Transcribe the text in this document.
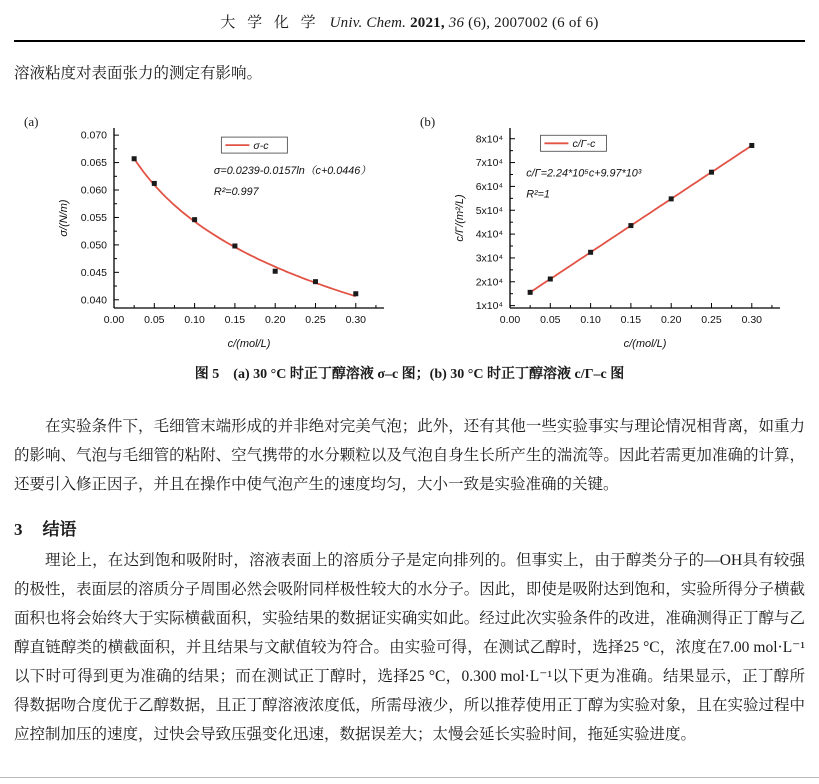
大 学 化 学 Univ. Chem. 2021, 36 (6), 2007002 (6 of 6)

溶液粘度对表面张力的测定有影响。

(a)
0.00 0.05 0.10 0.15 0.20 0.25 0.30
0.040
0.045
0.050
0.055
0.060
0.065
0.070
σ-c
σ=0.0239-0.0157ln（c+0.0446）
R²=0.997
c/(mol/L)
σ/(N/m)
(b)
0.00 0.05 0.10 0.15 0.20 0.25 0.30
1x10⁴
2x10⁴
3x10⁴
4x10⁴
5x10⁴
6x10⁴
7x10⁴
8x10⁴	c/Γ-c
c/Γ=2.24*10⁵c+9.97*10³
R²=1
c/(mol/L)
c/Γ/(m²/L)
图 5　(a) 30 °C 时正丁醇溶液 σ–c 图；(b) 30 °C 时正丁醇溶液 c/Γ–c 图

在实验条件下，毛细管末端形成的并非绝对完美气泡；此外，还有其他一些实验事实与理论情况相背离，如重力的影响、气泡与毛细管的粘附、空气携带的水分颗粒以及气泡自身生长所产生的湍流等。因此若需更加准确的计算，还要引入修正因子，并且在操作中使气泡产生的速度均匀，大小一致是实验准确的关键。

3 结语

理论上，在达到饱和吸附时，溶液表面上的溶质分子是定向排列的。但事实上，由于醇类分子的—OH具有较强的极性，表面层的溶质分子周围必然会吸附同样极性较大的水分子。因此，即使是吸附达到饱和，实验所得分子横截面积也将会始终大于实际横截面积，实验结果的数据证实确实如此。经过此次实验条件的改进，准确测得正丁醇与乙醇直链醇类的横截面积，并且结果与文献值较为符合。由实验可得，在测试乙醇时，选择25 °C，浓度在7.00 mol·L⁻¹以下时可得到更为准确的结果；而在测试正丁醇时，选择25 °C，0.300 mol·L⁻¹以下更为准确。结果显示，正丁醇所得数据吻合度优于乙醇数据，且正丁醇溶液浓度低，所需母液少，所以推荐使用正丁醇为实验对象，且在实验过程中应控制加压的速度，过快会导致压强变化迅速，数据误差大；太慢会延长实验时间，拖延实验进度。
